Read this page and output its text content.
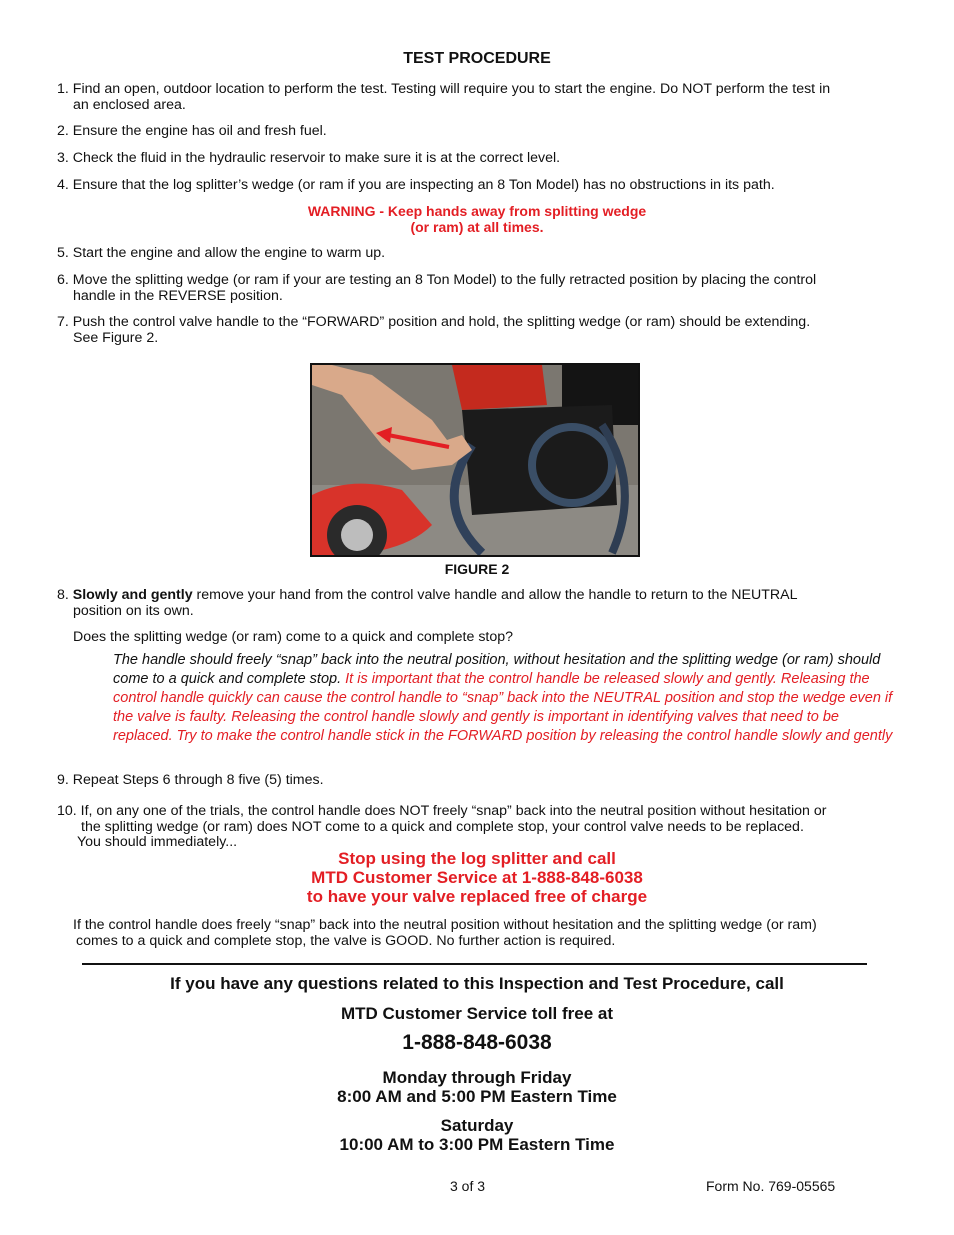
TEST PROCEDURE
1. Find an open, outdoor location to perform the test. Testing will require you to start the engine. Do NOT perform the test in
an enclosed area.
2. Ensure the engine has oil and fresh fuel.
3. Check the fluid in the hydraulic reservoir to make sure it is at the correct level.
4. Ensure that the log splitter’s wedge (or ram if you are inspecting an 8 Ton Model) has no obstructions in its path.
WARNING - Keep hands away from splitting wedge
(or ram) at all times.
5. Start the engine and allow the engine to warm up.
6. Move the splitting wedge (or ram if your are testing an 8 Ton Model) to the fully retracted position by placing the control
handle in the REVERSE position.
7. Push the control valve handle to the “FORWARD” position and hold, the splitting wedge (or ram) should be extending.
See Figure 2.
FIGURE 2
8. Slowly and gently remove your hand from the control valve handle and allow the handle to return to the NEUTRAL
position on its own.
Does the splitting wedge (or ram) come to a quick and complete stop?
The handle should freely “snap” back into the neutral position, without hesitation and the splitting wedge (or ram) should come to a quick and complete stop. It is important that the control handle be released slowly and gently. Releasing the control handle quickly can cause the control handle to “snap” back into the NEUTRAL position and stop the wedge even if the valve is faulty. Releasing the control handle slowly and gently is important in identifying valves that need to be replaced. Try to make the control handle stick in the FORWARD position by releasing the control handle slowly and gently
9. Repeat Steps 6 through 8 five (5) times.
10. If, on any one of the trials, the control handle does NOT freely “snap” back into the neutral position without hesitation or
the splitting wedge (or ram) does NOT come to a quick and complete stop, your control valve needs to be replaced.
You should immediately...
Stop using the log splitter and call
MTD Customer Service at 1-888-848-6038
to have your valve replaced free of charge
If the control handle does freely “snap” back into the neutral position without hesitation and the splitting wedge (or ram)
comes to a quick and complete stop, the valve is GOOD. No further action is required.
If you have any questions related to this Inspection and Test Procedure, call
MTD Customer Service toll free at
1-888-848-6038
Monday through Friday
8:00 AM and 5:00 PM Eastern Time
Saturday
10:00 AM to 3:00 PM Eastern Time
3 of 3	Form No. 769-05565
